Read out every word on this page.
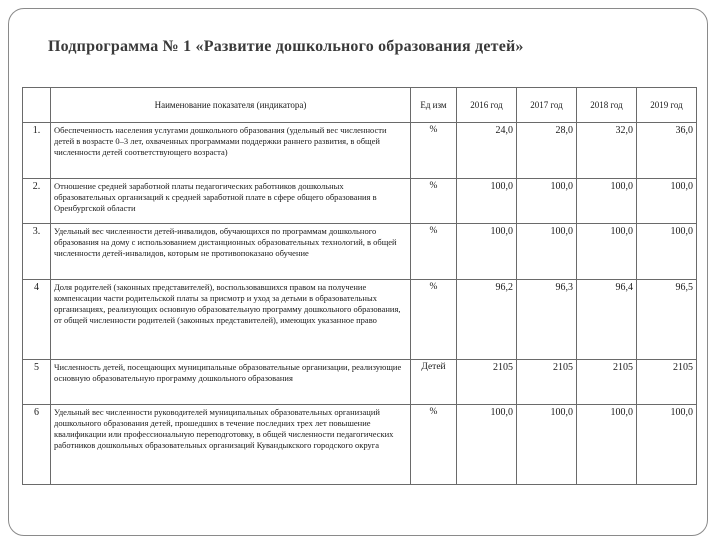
Подпрограмма № 1 «Развитие дошкольного образования детей»
	Наименование показателя (индикатора)	Ед изм	2016 год	2017 год	2018 год	2019 год
1.	Обеспеченность населения услугами дошкольного образования (удельный вес численности детей в возрасте 0–3 лет, охваченных программами поддержки раннего развития, в общей численности детей соответствующего возраста)	%	24,0	28,0	32,0	36,0
2.	Отношение средней заработной платы педагогических работников дошкольных образовательных организаций к средней заработной плате в сфере общего образования в Оренбургской области	%	100,0	100,0	100,0	100,0
3.	Удельный вес численности детей-инвалидов, обучающихся по программам дошкольного образования на дому с использованием дистанционных образовательных технологий, в общей численности детей-инвалидов, которым не противопоказано обучение	%	100,0	100,0	100,0	100,0
4	Доля родителей (законных представителей), воспользовавшихся правом на получение компенсации части родительской платы за присмотр и уход за детьми в образовательных организациях, реализующих основную образовательную программу дошкольного образования, от общей численности родителей (законных представителей), имеющих указанное право	%	96,2	96,3	96,4	96,5
5	Численность детей, посещающих муниципальные образовательные организации, реализующие основную образовательную программу дошкольного образования	Детей	2105	2105	2105	2105
6	Удельный вес численности руководителей муниципальных образовательных организаций дошкольного образования детей, прошедших в течение последних трех лет повышение квалификации или профессиональную переподготовку, в общей численности педагогических работников дошкольных образовательных организаций Кувандыкского городского округа	%	100,0	100,0	100,0	100,0
